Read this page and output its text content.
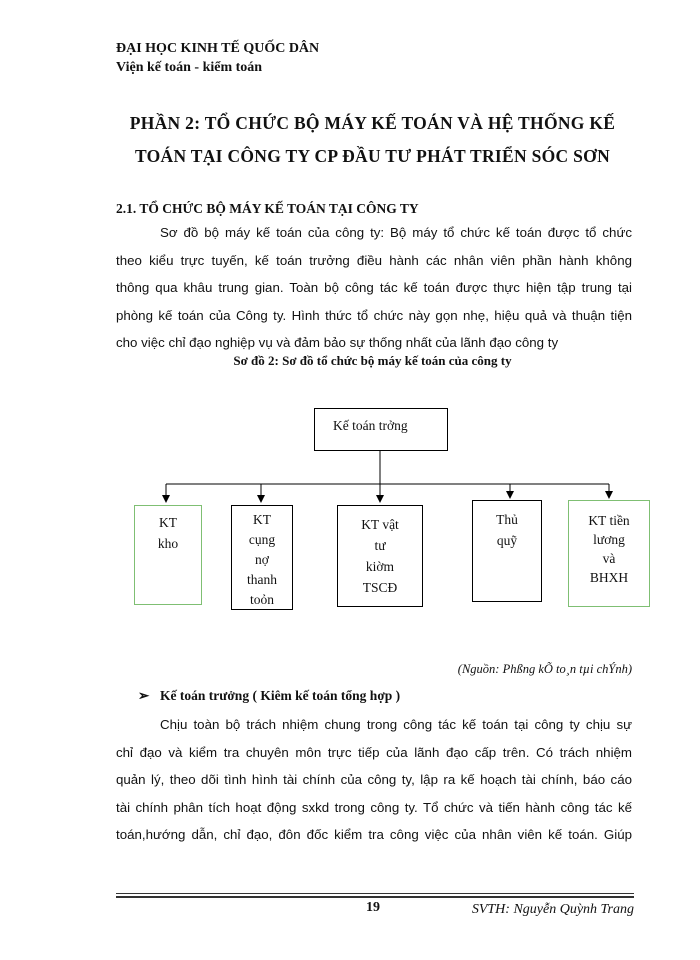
ĐẠI HỌC KINH TẾ QUỐC DÂN
Viện kế toán - kiểm toán
PHẦN 2: TỔ CHỨC BỘ MÁY KẾ TOÁN VÀ HỆ THỐNG KẾ
TOÁN TẠI CÔNG TY CP ĐẦU TƯ PHÁT TRIỂN SÓC SƠN
2.1. TỔ CHỨC BỘ MÁY KẾ TOÁN TẠI CÔNG TY
Sơ đồ bộ máy kế toán của công ty: Bộ máy tổ chức kế toán được tổ chức
theo kiểu trực tuyến, kế toán trưởng điều hành các nhân viên phần hành không
thông qua khâu trung gian. Toàn bộ công tác kế toán được thực hiện tập trung tại
phòng kế toán của Công ty. Hình thức tổ chức này gọn nhẹ, hiệu quả và thuận tiện
cho việc chỉ đạo nghiệp vụ và đảm bảo sự thống nhất của lãnh đạo công ty
Sơ đồ 2: Sơ đồ tổ chức bộ máy kế toán của công ty
Kế toán trởng
KT
kho
KT
cụng
nợ
thanh
toỏn
KT vật
tư
kiờm
TSCĐ
Thủ
quỹ
KT tiền
lương
và
BHXH
(Nguồn: Phßng kÕ to¸n tµi chÝnh)
➢ Kế toán trưởng ( Kiêm kế toán tổng hợp )
Chịu toàn bộ trách nhiệm chung trong công tác kế toán tại công ty chịu sự
chỉ đạo và kiểm tra chuyên môn trực tiếp của lãnh đạo cấp trên. Có trách nhiệm
quản lý, theo dõi tình hình tài chính của công ty, lập ra kế hoạch tài chính, báo cáo
tài chính phân tích hoạt động sxkd trong công ty. Tổ chức và tiến hành công tác kế
toán,hướng dẫn, chỉ đạo, đôn đốc kiểm tra công việc của nhân viên kế toán. Giúp
19	SVTH: Nguyễn Quỳnh Trang
